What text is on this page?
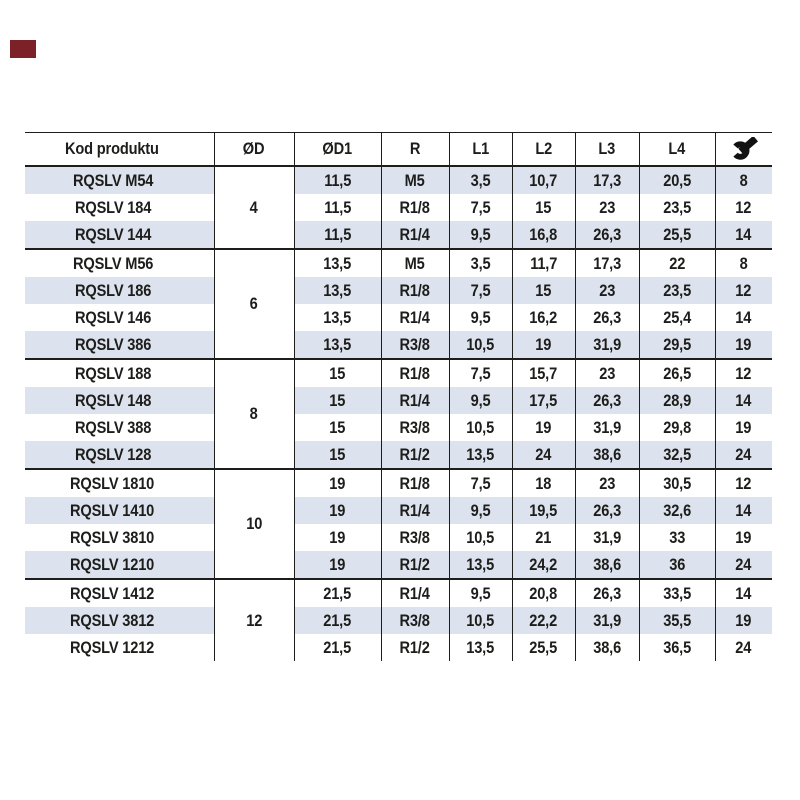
Kod produktu	ØD	ØD1	R	L1	L2	L3	L4	
RQSLV M54	4	11,5	M5	3,5	10,7	17,3	20,5	8
RQSLV 184		11,5	R1/8	7,5	15	23	23,5	12
RQSLV 144		11,5	R1/4	9,5	16,8	26,3	25,5	14
RQSLV M56	6	13,5	M5	3,5	11,7	17,3	22	8
RQSLV 186		13,5	R1/8	7,5	15	23	23,5	12
RQSLV 146		13,5	R1/4	9,5	16,2	26,3	25,4	14
RQSLV 386		13,5	R3/8	10,5	19	31,9	29,5	19
RQSLV 188	8	15	R1/8	7,5	15,7	23	26,5	12
RQSLV 148		15	R1/4	9,5	17,5	26,3	28,9	14
RQSLV 388		15	R3/8	10,5	19	31,9	29,8	19
RQSLV 128		15	R1/2	13,5	24	38,6	32,5	24
RQSLV 1810	10	19	R1/8	7,5	18	23	30,5	12
RQSLV 1410		19	R1/4	9,5	19,5	26,3	32,6	14
RQSLV 3810		19	R3/8	10,5	21	31,9	33	19
RQSLV 1210		19	R1/2	13,5	24,2	38,6	36	24
RQSLV 1412	12	21,5	R1/4	9,5	20,8	26,3	33,5	14
RQSLV 3812		21,5	R3/8	10,5	22,2	31,9	35,5	19
RQSLV 1212		21,5	R1/2	13,5	25,5	38,6	36,5	24
